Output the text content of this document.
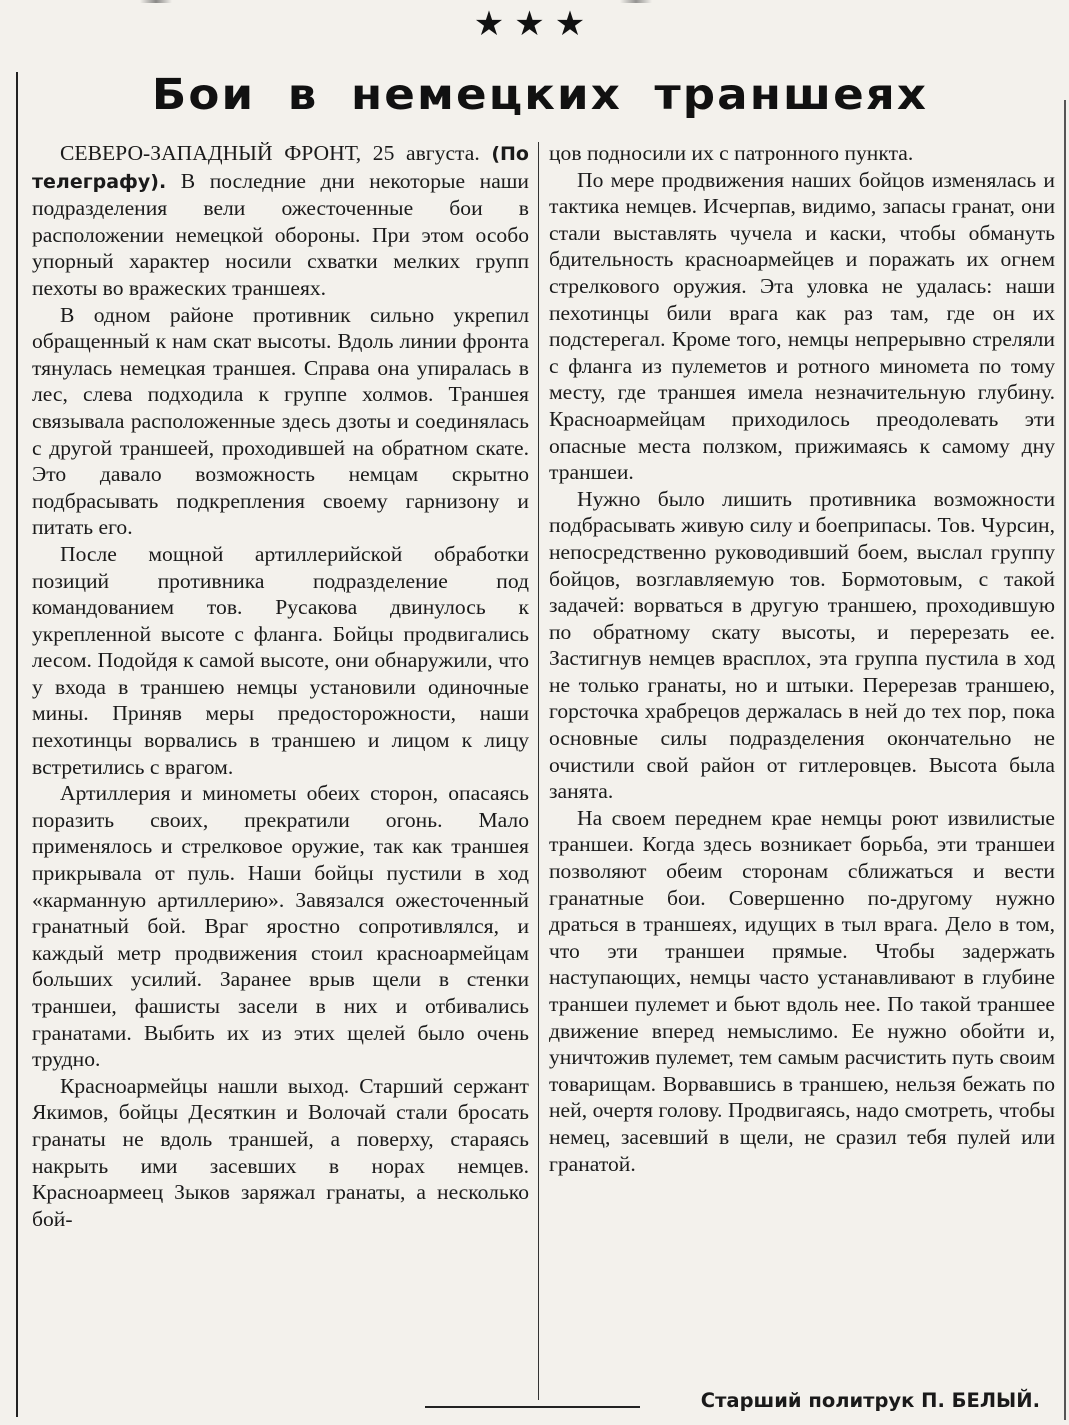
★★★
Бои в немецких траншеях

СЕВЕРО-ЗАПАДНЫЙ ФРОНТ, 25 августа. (По телеграфу). В последние дни некоторые наши подразделения вели ожесточенные бои в расположении немецкой обороны. При этом особо упорный характер носили схватки мелких групп пехоты во вражеских траншеях.

В одном районе противник сильно укрепил обращенный к нам скат высоты. Вдоль линии фронта тянулась немецкая траншея. Справа она упиралась в лес, слева подходила к группе холмов. Траншея связывала расположенные здесь дзоты и соединялась с другой траншеей, проходившей на обратном скате. Это давало возможность немцам скрытно подбрасывать подкрепления своему гарнизону и питать его.

После мощной артиллерийской обработки позиций противника подразделение под командованием тов. Русакова двинулось к укрепленной высоте с фланга. Бойцы продвигались лесом. Подойдя к самой высоте, они обнаружили, что у входа в траншею немцы установили одиночные мины. Приняв меры предосторожности, наши пехотинцы ворвались в траншею и лицом к лицу встретились с врагом.

Артиллерия и минометы обеих сторон, опасаясь поразить своих, прекратили огонь. Мало применялось и стрелковое оружие, так как траншея прикрывала от пуль. Наши бойцы пустили в ход «карманную артиллерию». Завязался ожесточенный гранатный бой. Враг яростно сопротивлялся, и каждый метр продвижения стоил красноармейцам больших усилий. Заранее врыв щели в стенки траншеи, фашисты засели в них и отбивались гранатами. Выбить их из этих щелей было очень трудно.

Красноармейцы нашли выход. Старший сержант Якимов, бойцы Десяткин и Волочай стали бросать гранаты не вдоль траншей, а поверху, стараясь накрыть ими засевших в норах немцев. Красноармеец Зыков заряжал гранаты, а несколько бой-

цов подносили их с патронного пункта.

По мере продвижения наших бойцов изменялась и тактика немцев. Исчерпав, видимо, запасы гранат, они стали выставлять чучела и каски, чтобы обмануть бдительность красноармейцев и поражать их огнем стрелкового оружия. Эта уловка не удалась: наши пехотинцы били врага как раз там, где он их подстерегал. Кроме того, немцы непрерывно стреляли с фланга из пулеметов и ротного миномета по тому месту, где траншея имела незначительную глубину. Красноармейцам приходилось преодолевать эти опасные места ползком, прижимаясь к самому дну траншеи.

Нужно было лишить противника возможности подбрасывать живую силу и боеприпасы. Тов. Чурсин, непосредственно руководивший боем, выслал группу бойцов, возглавляемую тов. Бормотовым, с такой задачей: ворваться в другую траншею, проходившую по обратному скату высоты, и перерезать ее. Застигнув немцев врасплох, эта группа пустила в ход не только гранаты, но и штыки. Перерезав траншею, горсточка храбрецов держалась в ней до тех пор, пока основные силы подразделения окончательно не очистили свой район от гитлеровцев. Высота была занята.

На своем переднем крае немцы роют извилистые траншеи. Когда здесь возникает борьба, эти траншеи позволяют обеим сторонам сближаться и вести гранатные бои. Совершенно по-другому нужно драться в траншеях, идущих в тыл врага. Дело в том, что эти траншеи прямые. Чтобы задержать наступающих, немцы часто устанавливают в глубине траншеи пулемет и бьют вдоль нее. По такой траншее движение вперед немыслимо. Ее нужно обойти и, уничтожив пулемет, тем самым расчистить путь своим товарищам. Ворвавшись в траншею, нельзя бежать по ней, очертя голову. Продвигаясь, надо смотреть, чтобы немец, засевший в щели, не сразил тебя пулей или гранатой.

Старший политрук П. БЕЛЫЙ.
